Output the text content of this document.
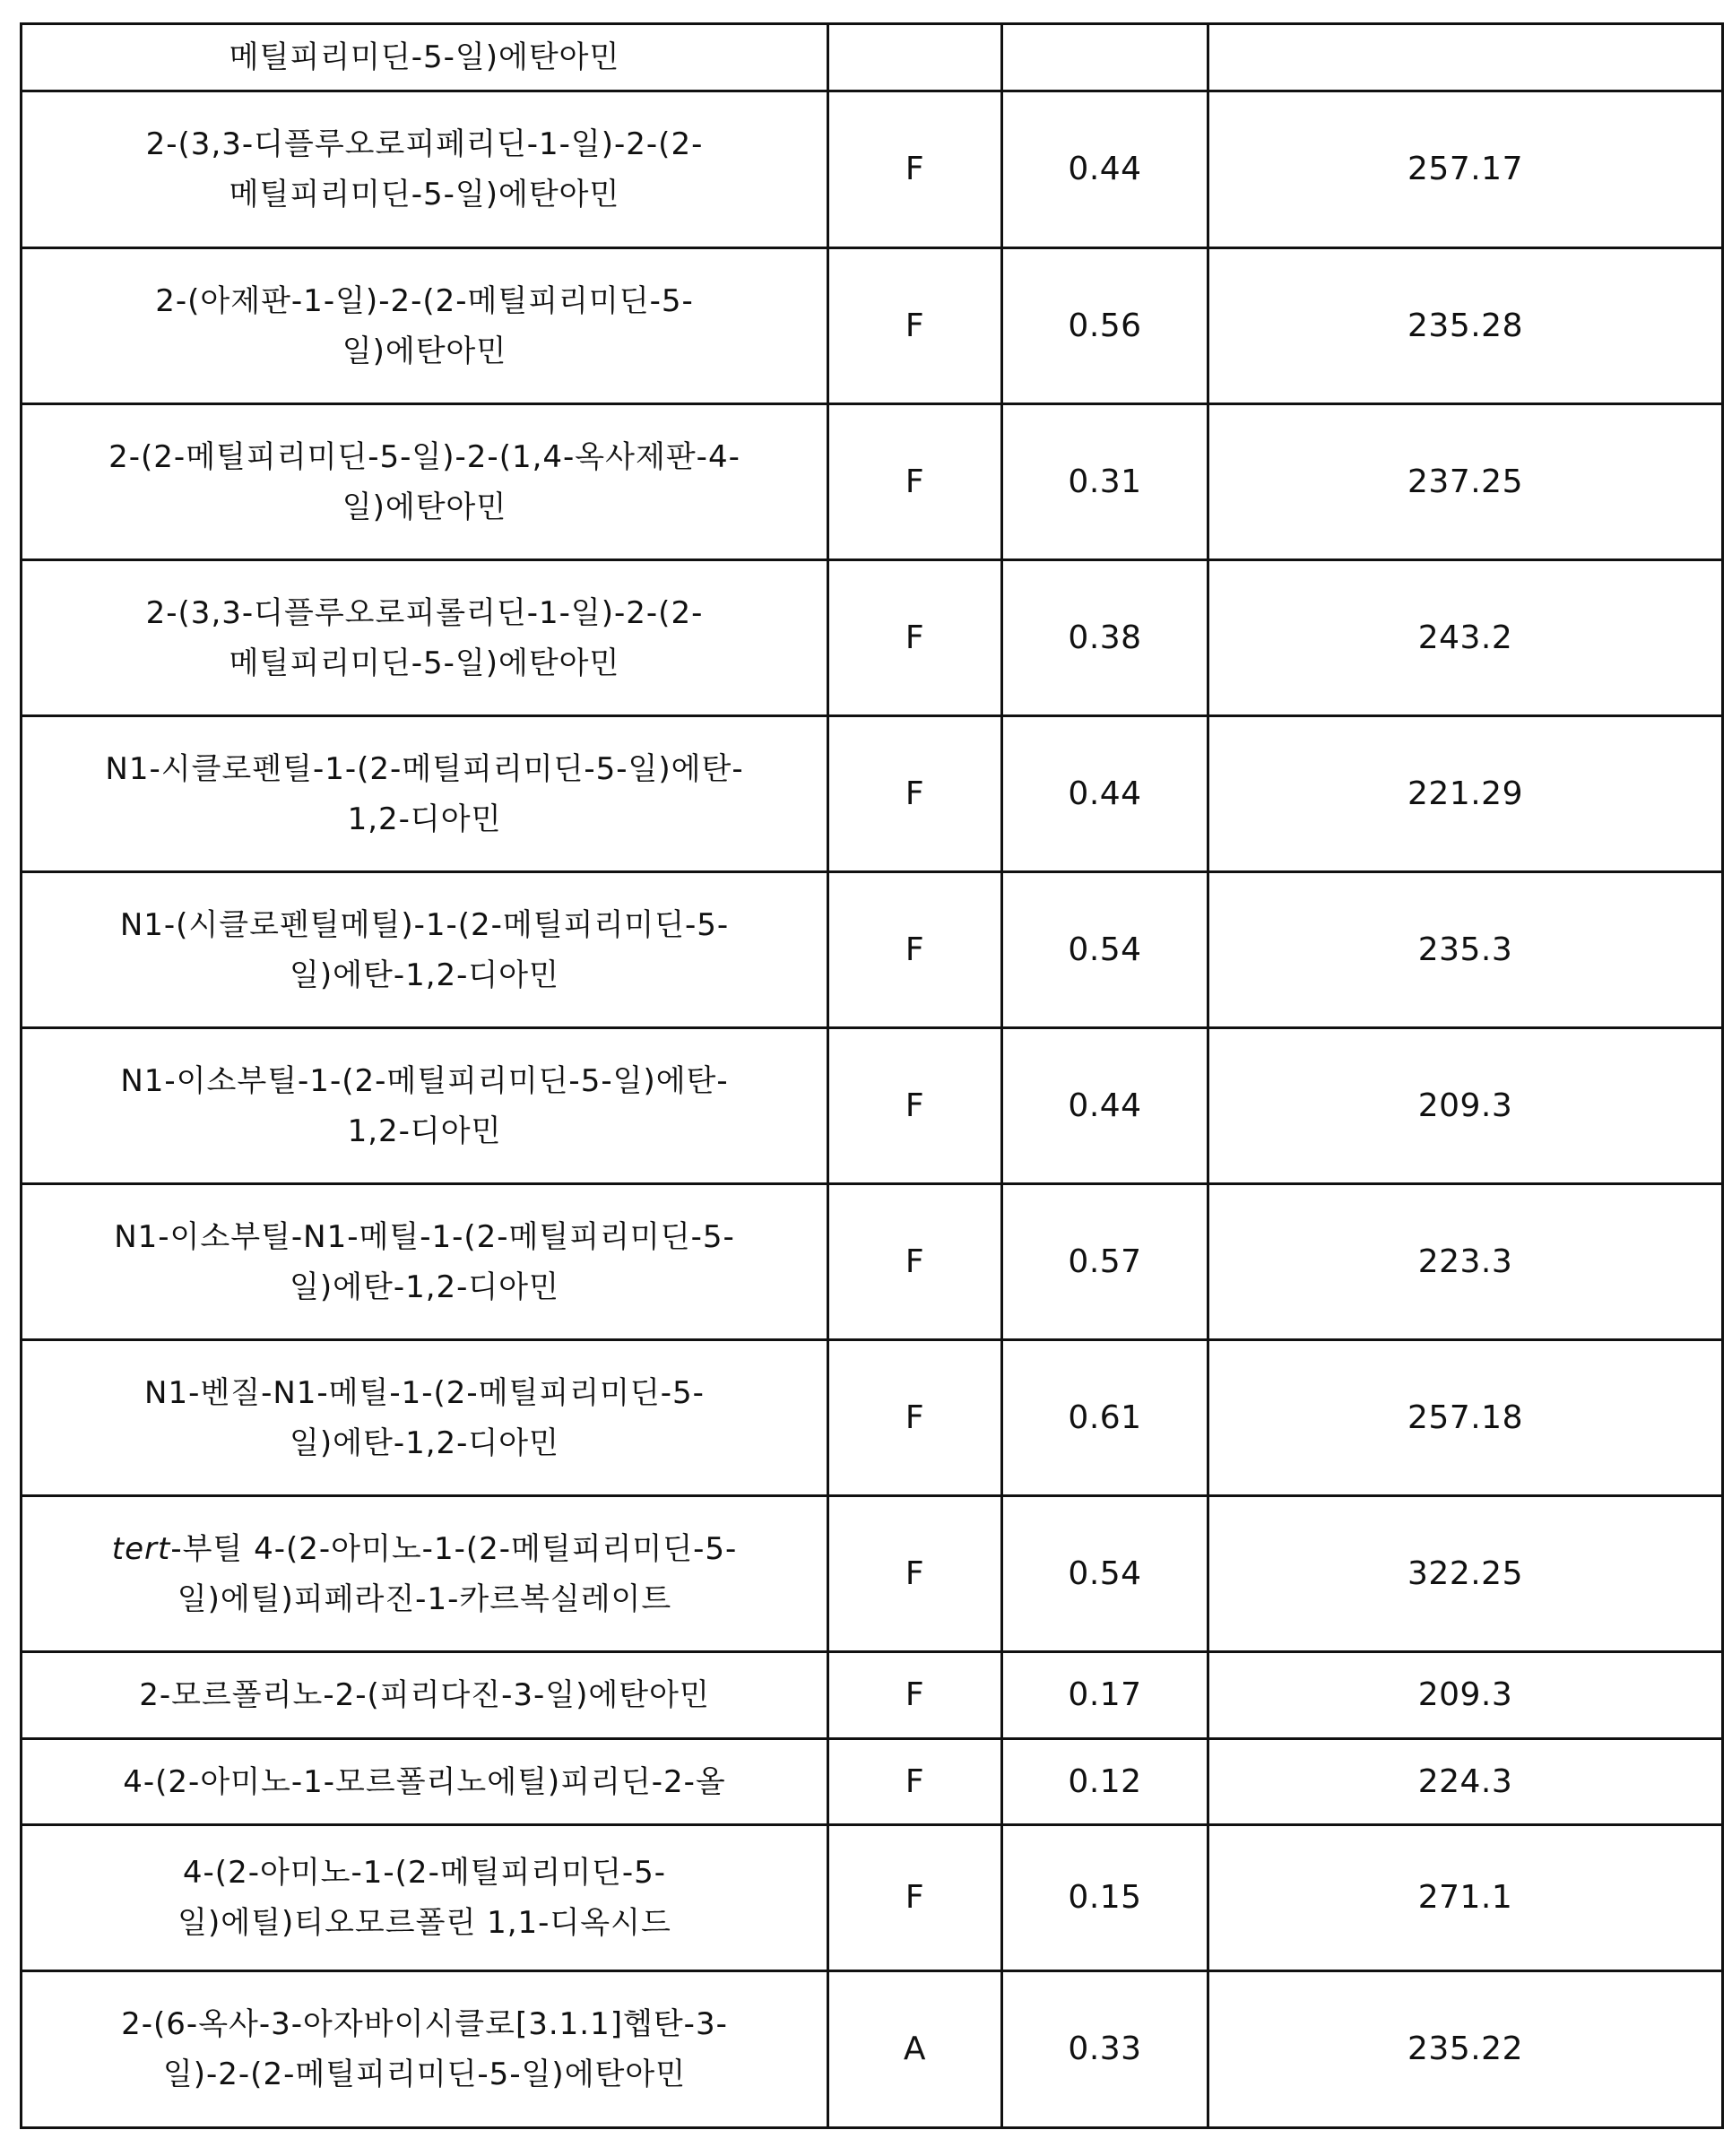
메틸피리미딘-5-일)에탄아민			

2-(3,3-디플루오로피페리딘-1-일)-2-(2-
메틸피리미딘-5-일)에탄아민	F	0.44	257.17

2-(아제판-1-일)-2-(2-메틸피리미딘-5-
일)에탄아민	F	0.56	235.28

2-(2-메틸피리미딘-5-일)-2-(1,4-옥사제판-4-
일)에탄아민	F	0.31	237.25

2-(3,3-디플루오로피롤리딘-1-일)-2-(2-
메틸피리미딘-5-일)에탄아민	F	0.38	243.2

N1-시클로펜틸-1-(2-메틸피리미딘-5-일)에탄-
1,2-디아민	F	0.44	221.29

N1-(시클로펜틸메틸)-1-(2-메틸피리미딘-5-
일)에탄-1,2-디아민	F	0.54	235.3

N1-이소부틸-1-(2-메틸피리미딘-5-일)에탄-
1,2-디아민	F	0.44	209.3

N1-이소부틸-N1-메틸-1-(2-메틸피리미딘-5-
일)에탄-1,2-디아민	F	0.57	223.3

N1-벤질-N1-메틸-1-(2-메틸피리미딘-5-
일)에탄-1,2-디아민	F	0.61	257.18

tert-부틸 4-(2-아미노-1-(2-메틸피리미딘-5-
일)에틸)피페라진-1-카르복실레이트	F	0.54	322.25

2-모르폴리노-2-(피리다진-3-일)에탄아민	F	0.17	209.3

4-(2-아미노-1-모르폴리노에틸)피리딘-2-올	F	0.12	224.3

4-(2-아미노-1-(2-메틸피리미딘-5-
일)에틸)티오모르폴린 1,1-디옥시드	F	0.15	271.1

2-(6-옥사-3-아자바이시클로[3.1.1]헵탄-3-
일)-2-(2-메틸피리미딘-5-일)에탄아민	A	0.33	235.22
